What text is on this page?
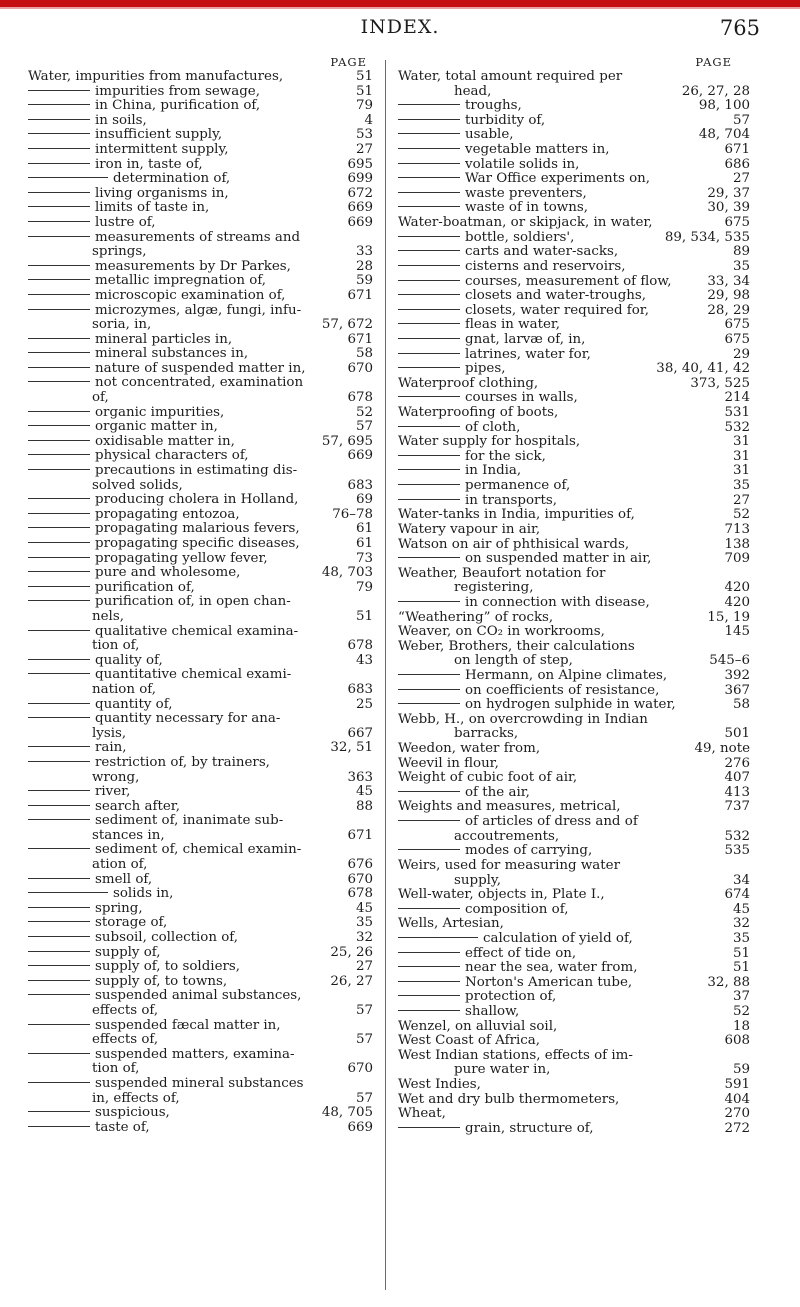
INDEX.	765
PAGE
Water, impurities from manufactures,	51
impurities from sewage,	51
in China, purification of,	79
in soils,	4
insufficient supply,	53
intermittent supply,	27
iron in, taste of,	695
determination of,	699
living organisms in,	672
limits of taste in,	669
lustre of,	669
measurements of streams and
springs,	33
measurements by Dr Parkes,	28
metallic impregnation of,	59
microscopic examination of,	671
microzymes, algæ, fungi, infu-
soria, in,	57, 672
mineral particles in,	671
mineral substances in,	58
nature of suspended matter in,	670
not concentrated, examination
of,	678
organic impurities,	52
organic matter in,	57
oxidisable matter in,	57, 695
physical characters of,	669
precautions in estimating dis-
solved solids,	683
producing cholera in Holland,	69
propagating entozoa,	76–78
propagating malarious fevers,	61
propagating specific diseases,	61
propagating yellow fever,	73
pure and wholesome,	48, 703
purification of,	79
purification of, in open chan-
nels,	51
qualitative chemical examina-
tion of,	678
quality of,	43
quantitative chemical exami-
nation of,	683
quantity of,	25
quantity necessary for ana-
lysis,	667
rain,	32, 51
restriction of, by trainers,
wrong,	363
river,	45
search after,	88
sediment of, inanimate sub-
stances in,	671
sediment of, chemical examin-
ation of,	676
smell of,	670
solids in,	678
spring,	45
storage of,	35
subsoil, collection of,	32
supply of,	25, 26
supply of, to soldiers,	27
supply of, to towns,	26, 27
suspended animal substances,
effects of,	57
suspended fæcal matter in,
effects of,	57
suspended matters, examina-
tion of,	670
suspended mineral substances
in, effects of,	57
suspicious,	48, 705
taste of,	669
PAGE
Water, total amount required per
head,	26, 27, 28
troughs,	98, 100
turbidity of,	57
usable,	48, 704
vegetable matters in,	671
volatile solids in,	686
War Office experiments on,	27
waste preventers,	29, 37
waste of in towns,	30, 39
Water-boatman, or skipjack, in water,	675
bottle, soldiers',	89, 534, 535
carts and water-sacks,	89
cisterns and reservoirs,	35
courses, measurement of flow,	33, 34
closets and water-troughs,	29, 98
closets, water required for,	28, 29
fleas in water,	675
gnat, larvæ of, in,	675
latrines, water for,	29
pipes,	38, 40, 41, 42
Waterproof clothing,	373, 525
courses in walls,	214
Waterproofing of boots,	531
of cloth,	532
Water supply for hospitals,	31
for the sick,	31
in India,	31
permanence of,	35
in transports,	27
Water-tanks in India, impurities of,	52
Watery vapour in air,	713
Watson on air of phthisical wards,	138
on suspended matter in air,	709
Weather, Beaufort notation for
registering,	420
in connection with disease,	420
“Weathering” of rocks,	15, 19
Weaver, on CO₂ in workrooms,	145
Weber, Brothers, their calculations
on length of step,	545–6
Hermann, on Alpine climates,	392
on coefficients of resistance,	367
on hydrogen sulphide in water,	58
Webb, H., on overcrowding in Indian
barracks,	501
Weedon, water from,	49, note
Weevil in flour,	276
Weight of cubic foot of air,	407
of the air,	413
Weights and measures, metrical,	737
of articles of dress and of
accoutrements,	532
modes of carrying,	535
Weirs, used for measuring water
supply,	34
Well-water, objects in, Plate I.,	674
composition of,	45
Wells, Artesian,	32
calculation of yield of,	35
effect of tide on,	51
near the sea, water from,	51
Norton's American tube,	32, 88
protection of,	37
shallow,	52
Wenzel, on alluvial soil,	18
West Coast of Africa,	608
West Indian stations, effects of im-
pure water in,	59
West Indies,	591
Wet and dry bulb thermometers,	404
Wheat,	270
grain, structure of,	272
